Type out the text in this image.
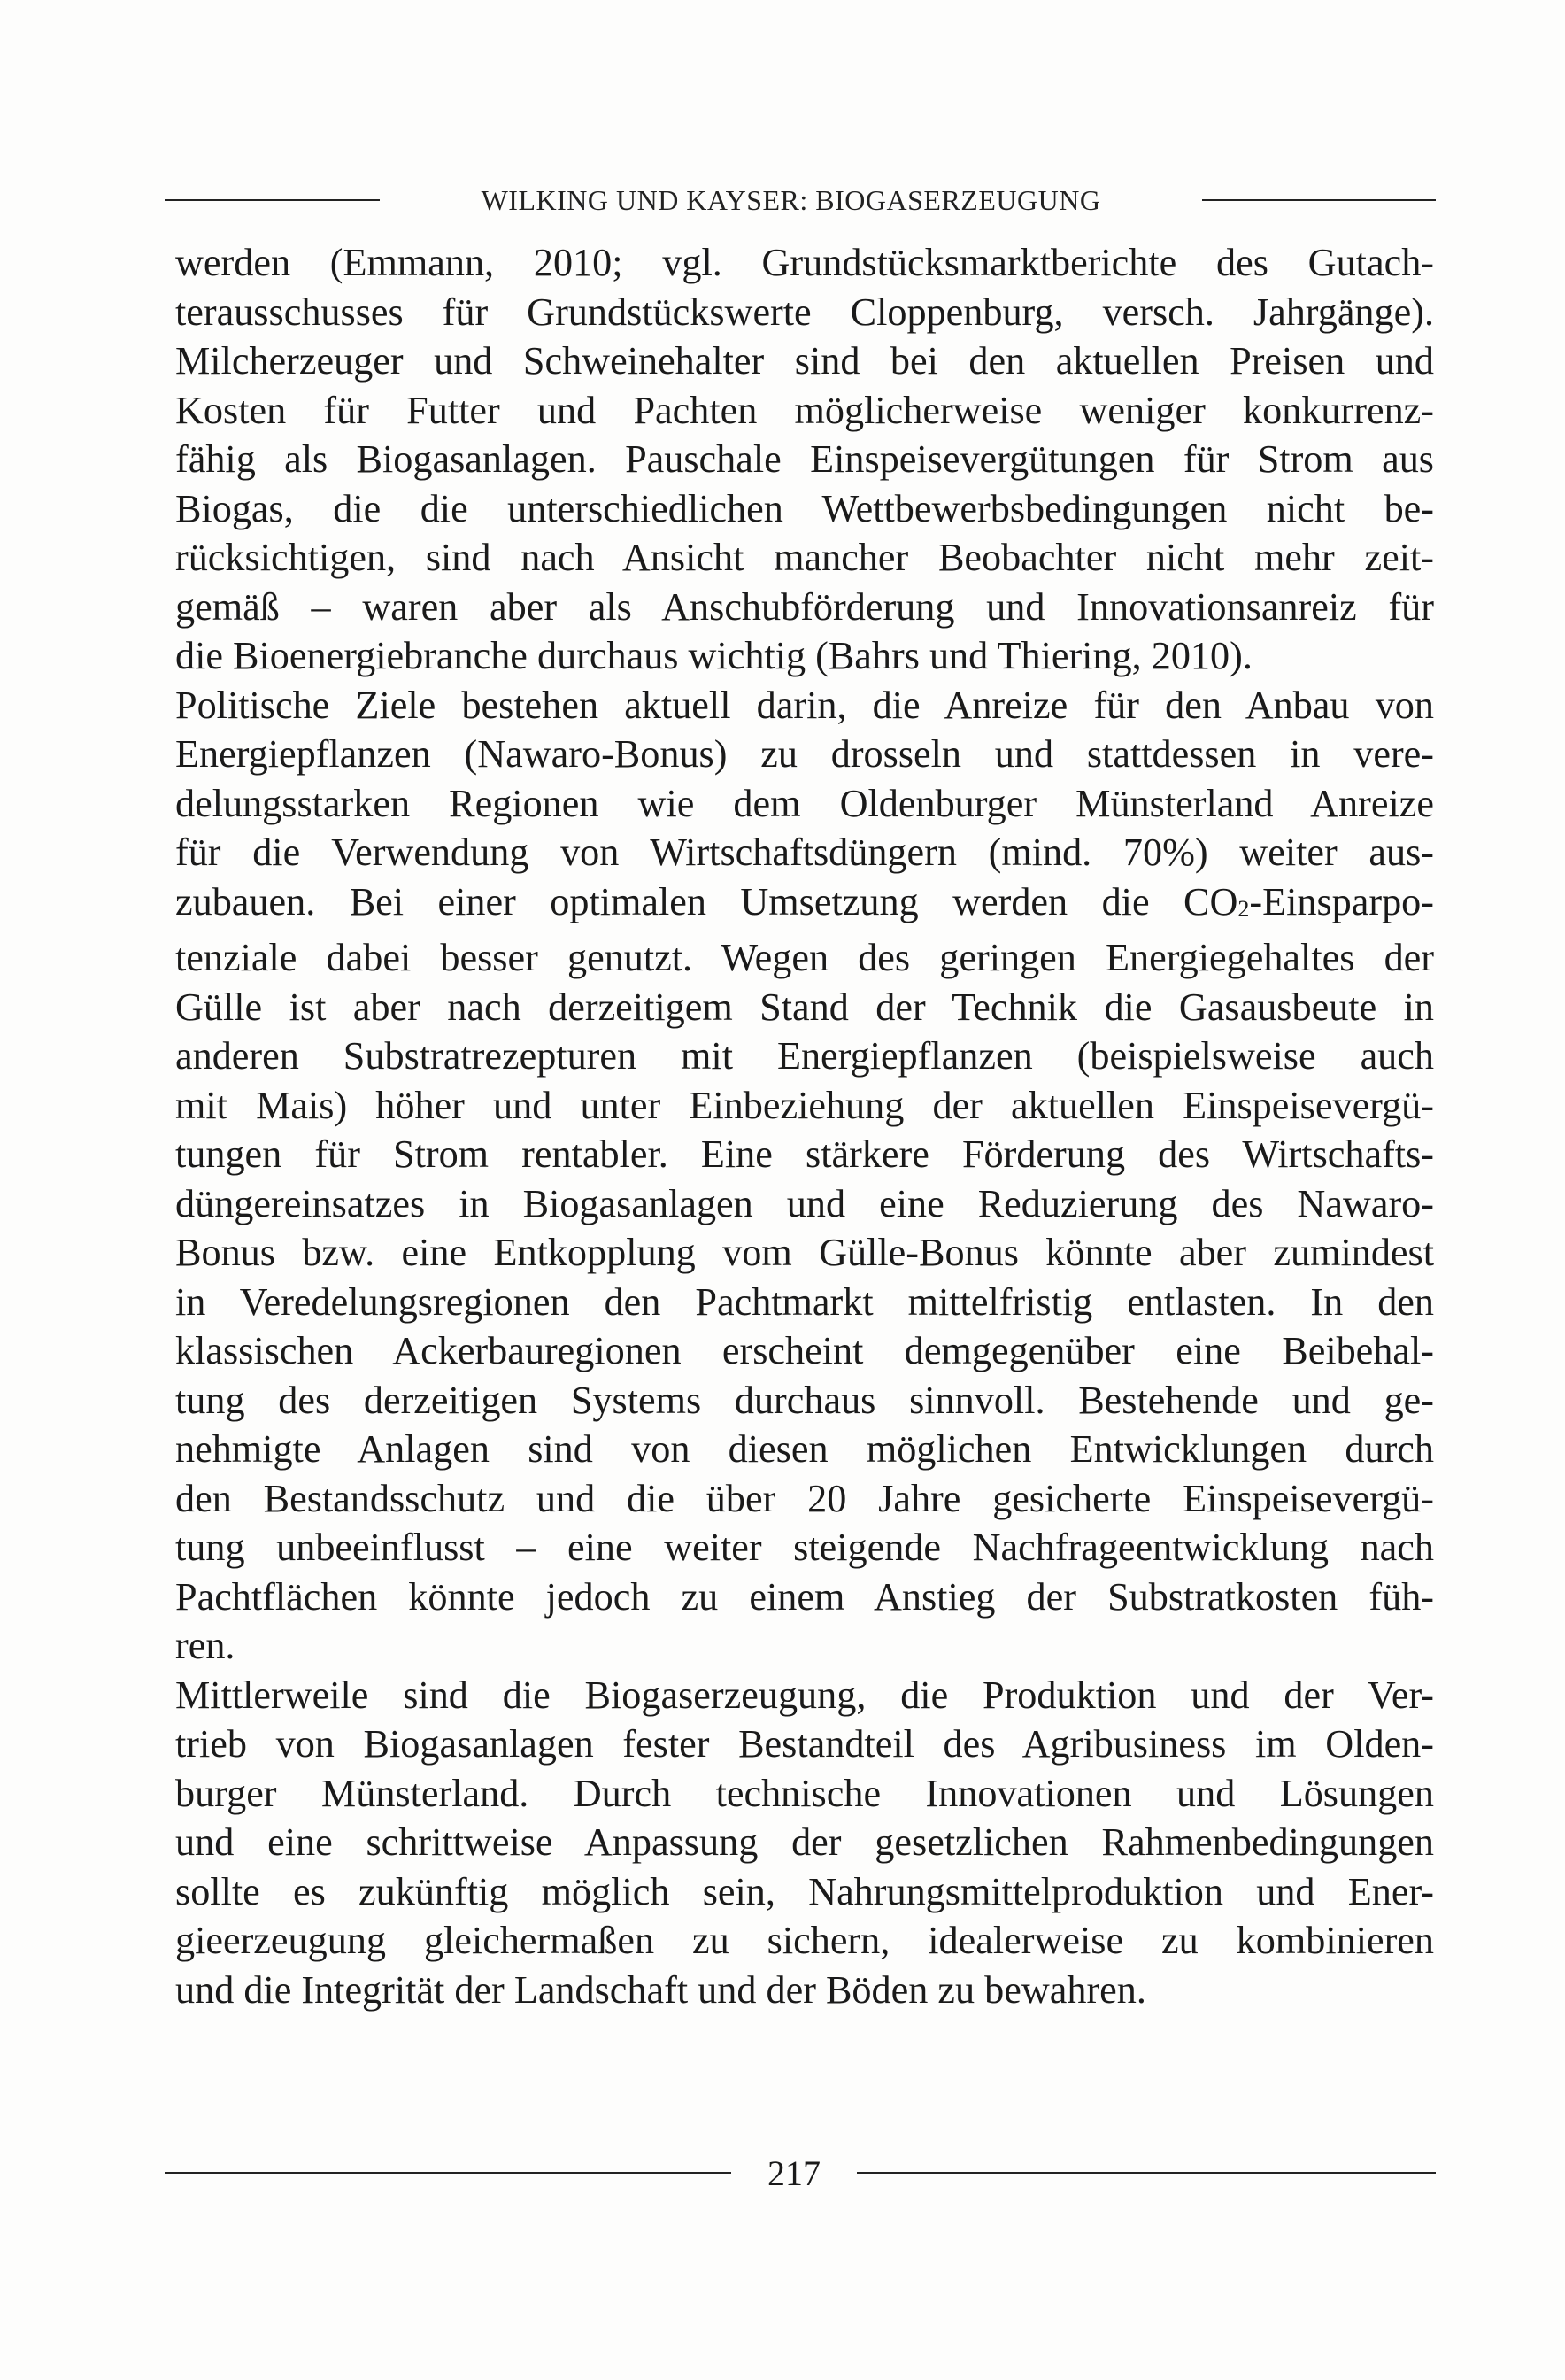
WILKING UND KAYSER: BIOGASERZEUGUNG
werden (Emmann, 2010; vgl. Grundstücksmarktberichte des Gutach-
terausschusses für Grundstückswerte Cloppenburg, versch. Jahrgänge).
Milcherzeuger und Schweinehalter sind bei den aktuellen Preisen und
Kosten für Futter und Pachten möglicherweise weniger konkurrenz-
fähig als Biogasanlagen. Pauschale Einspeisevergütungen für Strom aus
Biogas, die die unterschiedlichen Wettbewerbsbedingungen nicht be-
rücksichtigen, sind nach Ansicht mancher Beobachter nicht mehr zeit-
gemäß – waren aber als Anschubförderung und Innovationsanreiz für
die Bioenergiebranche durchaus wichtig (Bahrs und Thiering, 2010).
Politische Ziele bestehen aktuell darin, die Anreize für den Anbau von
Energiepflanzen (Nawaro-Bonus) zu drosseln und stattdessen in vere-
delungsstarken Regionen wie dem Oldenburger Münsterland Anreize
für die Verwendung von Wirtschaftsdüngern (mind. 70%) weiter aus-
zubauen. Bei einer optimalen Umsetzung werden die CO2-Einsparpo-
tenziale dabei besser genutzt. Wegen des geringen Energiegehaltes der
Gülle ist aber nach derzeitigem Stand der Technik die Gasausbeute in
anderen Substratrezepturen mit Energiepflanzen (beispielsweise auch
mit Mais) höher und unter Einbeziehung der aktuellen Einspeisevergü-
tungen für Strom rentabler. Eine stärkere Förderung des Wirtschafts-
düngereinsatzes in Biogasanlagen und eine Reduzierung des Nawaro-
Bonus bzw. eine Entkopplung vom Gülle-Bonus könnte aber zumindest
in Veredelungsregionen den Pachtmarkt mittelfristig entlasten. In den
klassischen Ackerbauregionen erscheint demgegenüber eine Beibehal-
tung des derzeitigen Systems durchaus sinnvoll. Bestehende und ge-
nehmigte Anlagen sind von diesen möglichen Entwicklungen durch
den Bestandsschutz und die über 20 Jahre gesicherte Einspeisevergü-
tung unbeeinflusst – eine weiter steigende Nachfrageentwicklung nach
Pachtflächen könnte jedoch zu einem Anstieg der Substratkosten füh-
ren.
Mittlerweile sind die Biogaserzeugung, die Produktion und der Ver-
trieb von Biogasanlagen fester Bestandteil des Agribusiness im Olden-
burger Münsterland. Durch technische Innovationen und Lösungen
und eine schrittweise Anpassung der gesetzlichen Rahmenbedingungen
sollte es zukünftig möglich sein, Nahrungsmittelproduktion und Ener-
gieerzeugung gleichermaßen zu sichern, idealerweise zu kombinieren
und die Integrität der Landschaft und der Böden zu bewahren.
217
